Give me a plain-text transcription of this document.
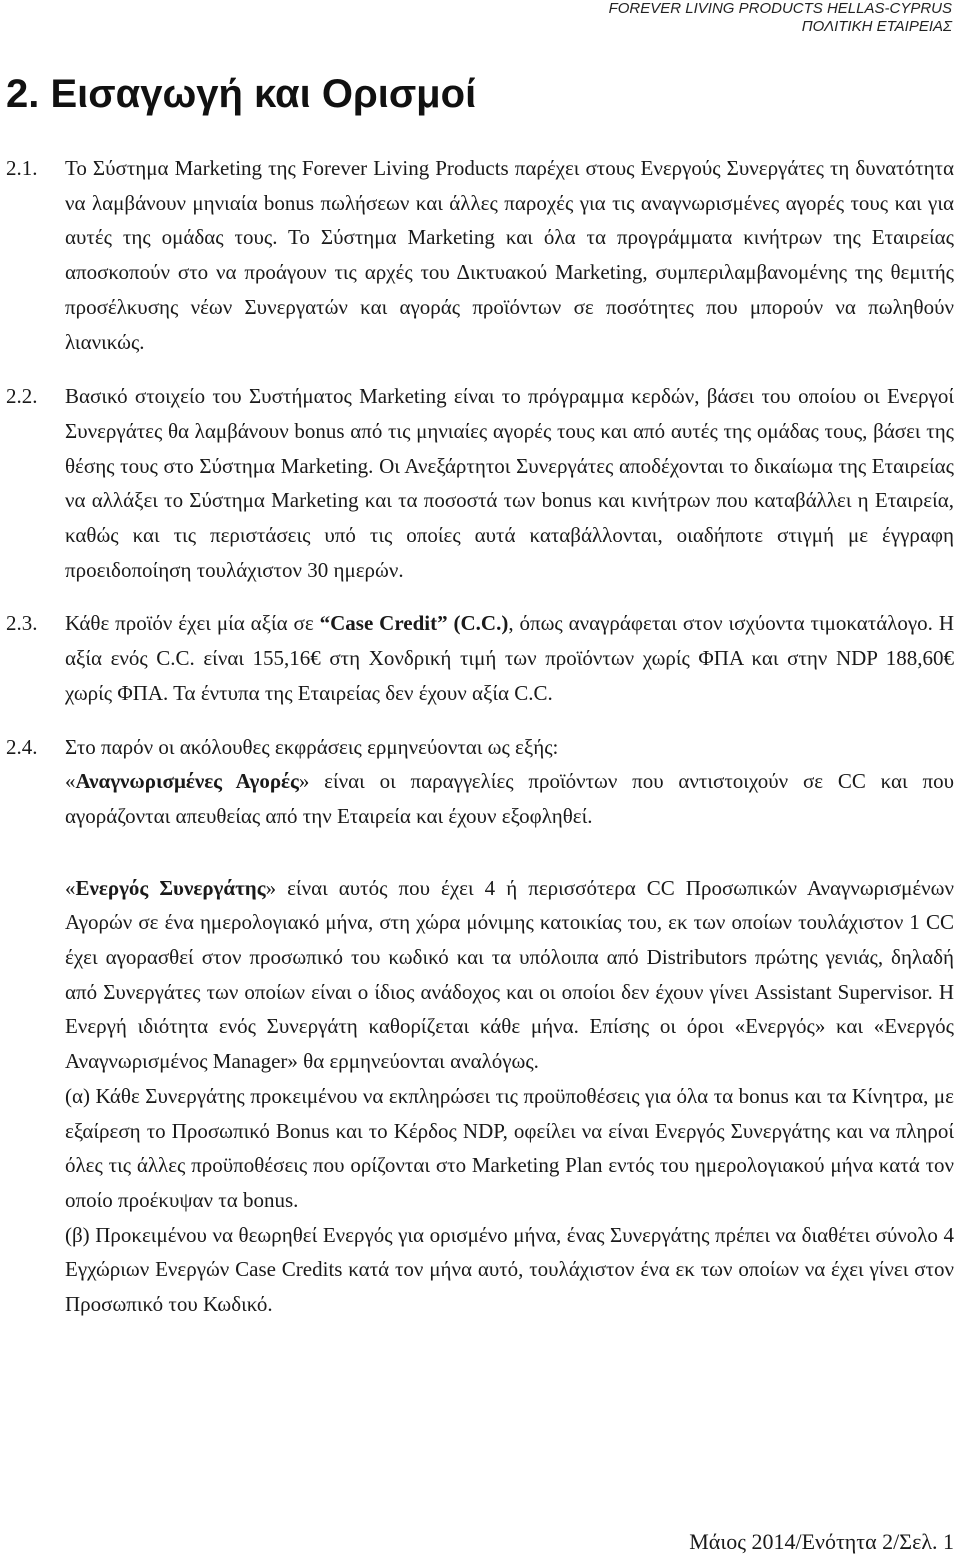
FOREVER LIVING PRODUCTS HELLAS-CYPRUS
ΠΟΛΙΤΙΚΗ ΕΤΑΙΡΕΙΑΣ
2. Εισαγωγή και Ορισμοί
2.1.	Το Σύστημα Marketing της Forever Living Products παρέχει στους Ενεργούς Συνεργάτες τη δυνατότητα να λαμβάνουν μηνιαία bonus πωλήσεων και άλλες παροχές για τις αναγνωρισμένες αγορές τους και για αυτές της ομάδας τους. Το Σύστημα Marketing και όλα τα προγράμματα κινήτρων της Εταιρείας αποσκοπούν στο να προάγουν τις αρχές του Δικτυακού Marketing, συμπεριλαμβανομένης της θεμιτής προσέλκυσης νέων Συνεργατών και αγοράς προϊόντων σε ποσότητες που μπορούν να πωληθούν λιανικώς.

2.2.	Βασικό στοιχείο του Συστήματος Marketing είναι το πρόγραμμα κερδών, βάσει του οποίου οι Ενεργοί Συνεργάτες θα λαμβάνουν bonus από τις μηνιαίες αγορές τους και από αυτές της ομάδας τους, βάσει της θέσης τους στο Σύστημα Marketing. Οι Ανεξάρτητοι Συνεργάτες αποδέχονται το δικαίωμα της Εταιρείας να αλλάξει το Σύστημα Marketing και τα ποσοστά των bonus και κινήτρων που καταβάλλει η Εταιρεία, καθώς και τις περιστάσεις υπό τις οποίες αυτά καταβάλλονται, οιαδήποτε στιγμή με έγγραφη προειδοποίηση τουλάχιστον 30 ημερών.

2.3.	Κάθε προϊόν έχει μία αξία σε “Case Credit” (C.C.), όπως αναγράφεται στον ισχύοντα τιμοκατάλογο. Η αξία ενός C.C. είναι 155,16€ στη Χονδρική τιμή των προϊόντων χωρίς ΦΠΑ και στην NDP 188,60€ χωρίς ΦΠΑ. Τα έντυπα της Εταιρείας δεν έχουν αξία C.C.

2.4.	Στο παρόν οι ακόλουθες εκφράσεις ερμηνεύονται ως εξής:

«Αναγνωρισμένες Αγορές» είναι οι παραγγελίες προϊόντων που αντιστοιχούν σε CC και που αγοράζονται απευθείας από την Εταιρεία και έχουν εξοφληθεί.

«Ενεργός Συνεργάτης» είναι αυτός που έχει 4 ή περισσότερα CC Προσωπικών Αναγνωρισμένων Αγορών σε ένα ημερολογιακό μήνα, στη χώρα μόνιμης κατοικίας του, εκ των οποίων τουλάχιστον 1 CC έχει αγορασθεί στον προσωπικό του κωδικό και τα υπόλοιπα από Distributors πρώτης γενιάς, δηλαδή από Συνεργάτες των οποίων είναι ο ίδιος ανάδοχος και οι οποίοι δεν έχουν γίνει Assistant Supervisor. Η Ενεργή ιδιότητα ενός Συνεργάτη καθορίζεται κάθε μήνα. Επίσης οι όροι «Ενεργός» και «Ενεργός Αναγνωρισμένος Manager» θα ερμηνεύονται αναλόγως.

(α) Κάθε Συνεργάτης προκειμένου να εκπληρώσει τις προϋποθέσεις για όλα τα bonus και τα Κίνητρα, με εξαίρεση το Προσωπικό Bonus και το Κέρδος NDP, οφείλει να είναι Ενεργός Συνεργάτης και να πληροί όλες τις άλλες προϋποθέσεις που ορίζονται στο Marketing Plan εντός του ημερολογιακού μήνα κατά τον οποίο προέκυψαν τα bonus.

(β) Προκειμένου να θεωρηθεί Ενεργός για ορισμένο μήνα, ένας Συνεργάτης πρέπει να διαθέτει σύνολο 4 Εγχώριων Ενεργών Case Credits κατά τον μήνα αυτό, τουλάχιστον ένα εκ των οποίων να έχει γίνει στον Προσωπικό του Κωδικό.

Μάιος 2014/Ενότητα 2/Σελ. 1
